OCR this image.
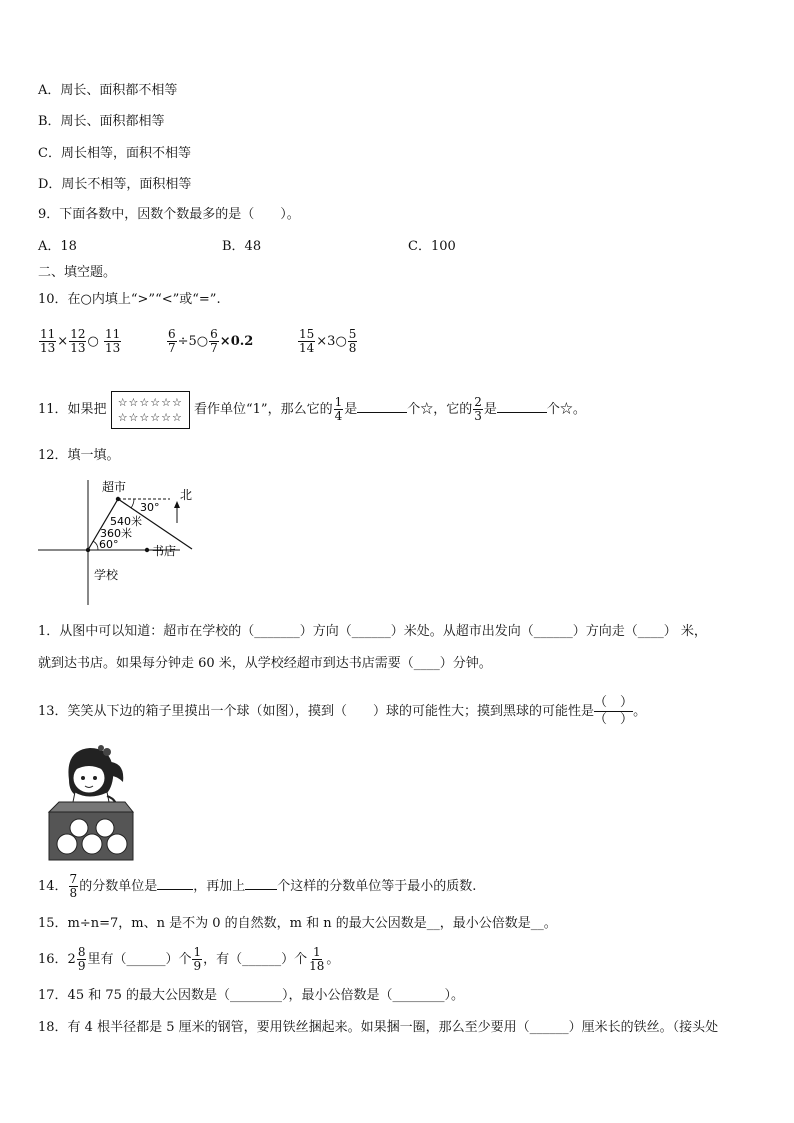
A．周长、面积都不相等
B．周长、面积都相等
C．周长相等，面积不相等
D．周长不相等，面积相等
9．下面各数中，因数个数最多的是（　　）。
A．18	B．48	C．100
二、填空题。
10．在○内填上“>”“<”或“=”.
$\frac{11}{13} \times \frac{12}{13}$ ○ $\frac{11}{13}$	$\frac{6}{7}$ ÷5○ $\frac{6}{7} \times 0.2$	$\frac{15}{14}$ ×3○ $\frac{5}{8}$
11．如果把 ☆☆☆☆☆☆
☆☆☆☆☆☆ 看作单位“1”，那么它的 $\frac{1}{4}$ 是	个☆，它的 $\frac{2}{3}$ 是	个☆。
12．填一填。
超市
北
30°
540米
360米
60°	书店
学校
1．从图中可以知道：超市在学校的（_______）方向（______）米处。从超市出发向（______）方向走（____） 米，
就到达书店。如果每分钟走 60 米，从学校经超市到达书店需要（____）分钟。
13．笑笑从下边的箱子里摸出一个球（如图），摸到（　　）球的可能性大；摸到黑球的可能性是
（　）
（　）
。
14． $\frac{7}{8}$ 的分数单位是	，再加上 个这样的分数单位等于最小的质数.
15．m÷n=7，m、n 是不为 0 的自然数，m 和 n 的最大公因数是__，最小公倍数是__。
16．$2 \frac{8}{9}$ 里有（______）个 $\frac{1}{9}$ ，有（______）个 $\frac{1}{18}$ 。
17．45 和 75 的最大公因数是（________），最小公倍数是（________）。
18．有 4 根半径都是 5 厘米的钢管，要用铁丝捆起来。如果捆一圈，那么至少要用（______）厘米长的铁丝。（接头处
